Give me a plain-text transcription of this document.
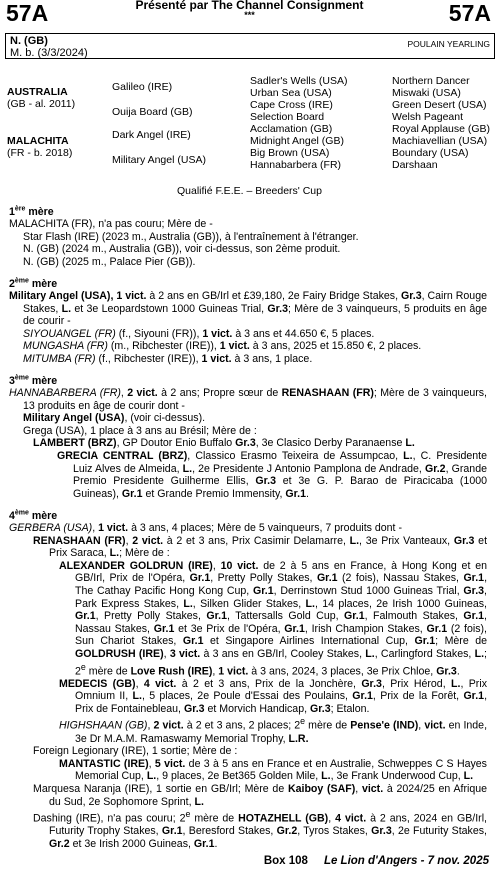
57A	Présenté par The Channel Consignment
***	57A
N. (GB)
M. b. (3/3/2024)
POULAIN YEARLING
AUSTRALIA
(GB - al. 2011)
MALACHITA
(FR - b. 2018)
Galileo (IRE)
Ouija Board (GB)
Dark Angel (IRE)
Military Angel (USA)
Sadler's Wells (USA)
Urban Sea (USA)
Cape Cross (IRE)
Selection Board
Acclamation (GB)
Midnight Angel (GB)
Big Brown (USA)
Hannabarbera (FR)
Northern Dancer
Miswaki (USA)
Green Desert (USA)
Welsh Pageant
Royal Applause (GB)
Machiavellian (USA)
Boundary (USA)
Darshaan
Qualifié F.E.E. – Breeders' Cup
1ère mère

MALACHITA (FR), n'a pas couru; Mère de -

Star Flash (IRE) (2023 m., Australia (GB)), à l'entraînement à l'étranger.

N. (GB) (2024 m., Australia (GB)), voir ci-dessus, son 2ème produit.

N. (GB) (2025 m., Palace Pier (GB)).

2ème mère

Military Angel (USA), 1 vict. à 2 ans en GB/Irl et £39,180, 2e Fairy Bridge Stakes, Gr.3, Cairn Rouge Stakes, L. et 3e Leopardstown 1000 Guineas Trial, Gr.3; Mère de 3 vainqueurs, 5 produits en âge de courir -

SIYOUANGEL (FR) (f., Siyouni (FR)), 1 vict. à 3 ans et 44.650 €, 5 places.

MUNGASHA (FR) (m., Ribchester (IRE)), 1 vict. à 3 ans, 2025 et 15.850 €, 2 places.

MITUMBA (FR) (f., Ribchester (IRE)), 1 vict. à 3 ans, 1 place.

3ème mère

HANNABARBERA (FR), 2 vict. à 2 ans; Propre sœur de RENASHAAN (FR); Mère de 3 vainqueurs, 13 produits en âge de courir dont -

Military Angel (USA), (voir ci-dessus).

Grega (USA), 1 place à 3 ans au Brésil; Mère de :

LAMBERT (BRZ), GP Doutor Enio Buffalo Gr.3, 3e Clasico Derby Paranaense L.

GRECIA CENTRAL (BRZ), Classico Erasmo Teixeira de Assumpcao, L., C. Presidente Luiz Alves de Almeida, L., 2e Presidente J Antonio Pamplona de Andrade, Gr.2, Grande Premio Presidente Guilherme Ellis, Gr.3 et 3e G. P. Barao de Piracicaba (1000 Guineas), Gr.1 et Grande Premio Immensity, Gr.1.

4ème mère

GERBERA (USA), 1 vict. à 3 ans, 4 places; Mère de 5 vainqueurs, 7 produits dont -

RENASHAAN (FR), 2 vict. à 2 et 3 ans, Prix Casimir Delamarre, L., 3e Prix Vanteaux, Gr.3 et Prix Saraca, L.; Mère de :

ALEXANDER GOLDRUN (IRE), 10 vict. de 2 à 5 ans en France, à Hong Kong et en GB/Irl, Prix de l'Opéra, Gr.1, Pretty Polly Stakes, Gr.1 (2 fois), Nassau Stakes, Gr.1, The Cathay Pacific Hong Kong Cup, Gr.1, Derrinstown Stud 1000 Guineas Trial, Gr.3, Park Express Stakes, L., Silken Glider Stakes, L., 14 places, 2e Irish 1000 Guineas, Gr.1, Pretty Polly Stakes, Gr.1, Tattersalls Gold Cup, Gr.1, Falmouth Stakes, Gr.1, Nassau Stakes, Gr.1 et 3e Prix de l'Opéra, Gr.1, Irish Champion Stakes, Gr.1 (2 fois), Sun Chariot Stakes, Gr.1 et Singapore Airlines International Cup, Gr.1; Mère de GOLDRUSH (IRE), 3 vict. à 3 ans en GB/Irl, Cooley Stakes, L., Carlingford Stakes, L.; 2e mère de Love Rush (IRE), 1 vict. à 3 ans, 2024, 3 places, 3e Prix Chloe, Gr.3.

MEDECIS (GB), 4 vict. à 2 et 3 ans, Prix de la Jonchère, Gr.3, Prix Hérod, L., Prix Omnium II, L., 5 places, 2e Poule d'Essai des Poulains, Gr.1, Prix de la Forêt, Gr.1, Prix de Fontainebleau, Gr.3 et Morvich Handicap, Gr.3; Etalon.

HIGHSHAAN (GB), 2 vict. à 2 et 3 ans, 2 places; 2e mère de Pense'e (IND), vict. en Inde, 3e Dr M.A.M. Ramaswamy Memorial Trophy, L.R.

Foreign Legionary (IRE), 1 sortie; Mère de :

MANTASTIC (IRE), 5 vict. de 3 à 5 ans en France et en Australie, Schweppes C S Hayes Memorial Cup, L., 9 places, 2e Bet365 Golden Mile, L., 3e Frank Underwood Cup, L.

Marquesa Naranja (IRE), 1 sortie en GB/Irl; Mère de Kaiboy (SAF), vict. à 2024/25 en Afrique du Sud, 2e Sophomore Sprint, L.

Dashing (IRE), n'a pas couru; 2e mère de HOTAZHELL (GB), 4 vict. à 2 ans, 2024 en GB/Irl, Futurity Trophy Stakes, Gr.1, Beresford Stakes, Gr.2, Tyros Stakes, Gr.3, 2e Futurity Stakes, Gr.2 et 3e Irish 2000 Guineas, Gr.1.

Box 108 Le Lion d'Angers - 7 nov. 2025
